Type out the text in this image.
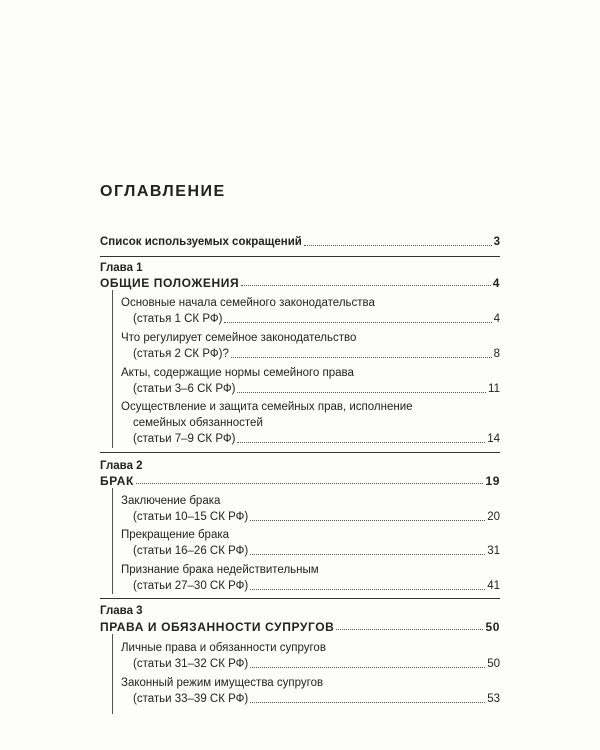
ОГЛАВЛЕНИЕ
Список используемых сокращений	3
Глава 1
ОБЩИЕ ПОЛОЖЕНИЯ	4
Основные начала семейного законодательства
(статья 1 СК РФ)	4
Что регулирует семейное законодательство
(статья 2 СК РФ)?	8
Акты, содержащие нормы семейного права
(статьи 3–6 СК РФ)	11
Осуществление и защита семейных прав, исполнение
семейных обязанностей
(статьи 7–9 СК РФ)	14
Глава 2
БРАК	19
Заключение брака
(статьи 10–15 СК РФ)	20
Прекращение брака
(статьи 16–26 СК РФ)	31
Признание брака недействительным
(статьи 27–30 СК РФ)	41
Глава 3
ПРАВА И ОБЯЗАННОСТИ СУПРУГОВ	50
Личные права и обязанности супругов
(статьи 31–32 СК РФ)	50
Законный режим имущества супругов
(статьи 33–39 СК РФ)	53
